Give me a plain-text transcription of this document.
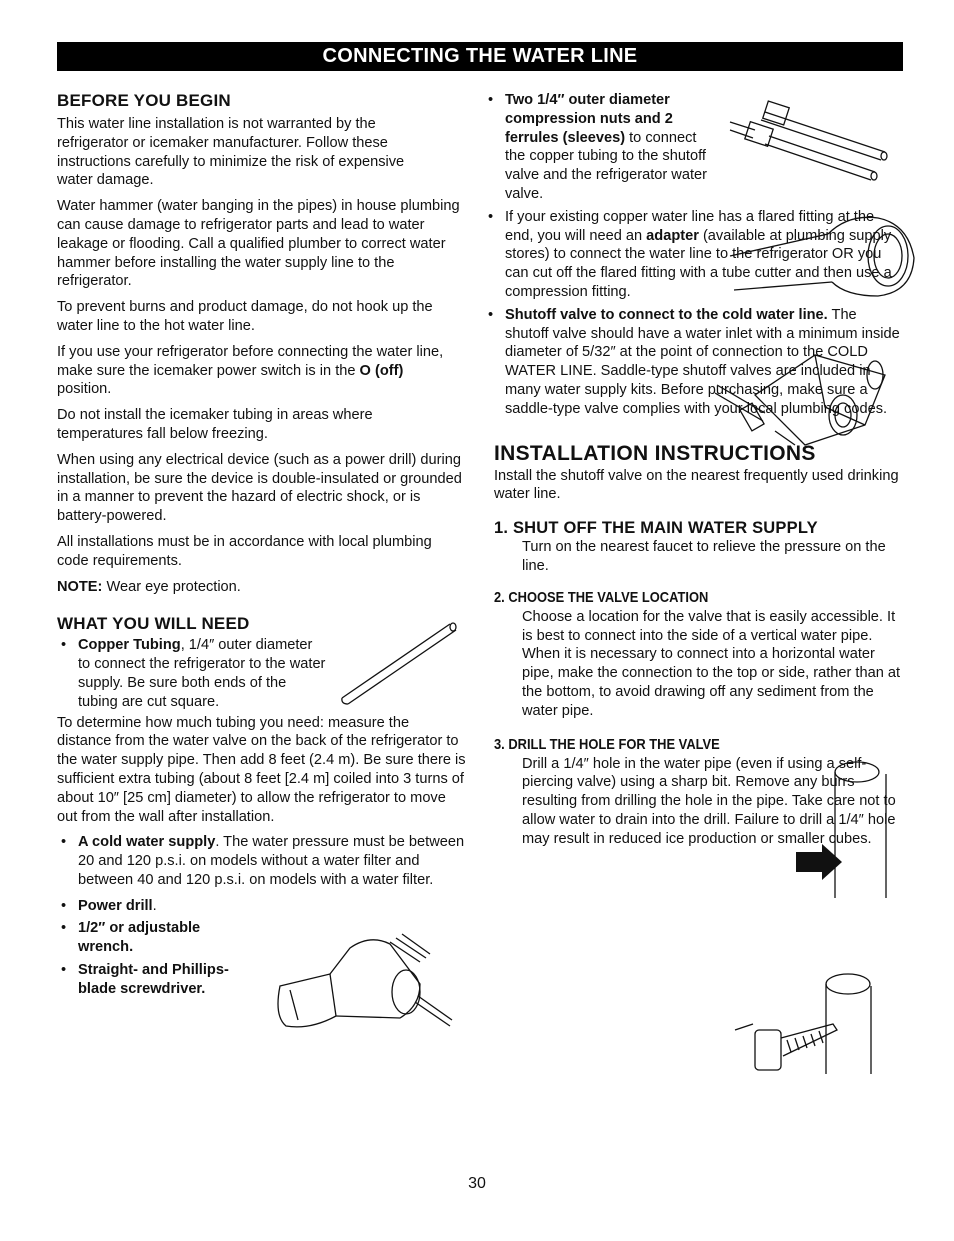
CONNECTING THE WATER LINE
BEFORE YOU BEGIN

This water line installation is not warranted by the refrigerator or icemaker manufacturer. Follow these instructions carefully to minimize the risk of expensive water damage.

Water hammer (water banging in the pipes) in house plumbing can cause damage to refrigerator parts and lead to water leakage or flooding. Call a qualified plumber to correct water hammer before installing the water supply line to the refrigerator.

To prevent burns and product damage, do not hook up the water line to the hot water line.

If you use your refrigerator before connecting the water line, make sure the icemaker power switch is in the O (off) position.

Do not install the icemaker tubing in areas where temperatures fall below freezing.

When using any electrical device (such as a power drill) during installation, be sure the device is double-insulated or grounded in a manner to prevent the hazard of electric shock, or is battery-powered.

All installations must be in accordance with local plumbing code requirements.

NOTE: Wear eye protection.

WHAT YOU WILL NEED
• Copper Tubing, 1/4″ outer diameter to connect the refrigerator to the water supply. Be sure both ends of the tubing are cut square.

To determine how much tubing you need: measure the distance from the water valve on the back of the refrigerator to the water supply pipe. Then add 8 feet (2.4 m). Be sure there is sufficient extra tubing (about 8 feet [2.4 m] coiled into 3 turns of about 10″ [25 cm] diameter) to allow the refrigerator to move out from the wall after installation.

• A cold water supply. The water pressure must be between 20 and 120 p.s.i. on models without a water filter and between 40 and 120 p.s.i. on models with a water filter.
• Power drill.
• 1/2″ or adjustable wrench.
• Straight- and Phillips-blade screwdriver.
• Two 1/4″ outer diameter compression nuts and 2 ferrules (sleeves) to connect the copper tubing to the shutoff valve and the refrigerator water valve.
• If your existing copper water line has a flared fitting at the end, you will need an adapter (available at plumbing supply stores) to connect the water line to the refrigerator OR you can cut off the flared fitting with a tube cutter and then use a compression fitting.
• Shutoff valve to connect to the cold water line. The shutoff valve should have a water inlet with a minimum inside diameter of 5/32″ at the point of connection to the COLD WATER LINE. Saddle-type shutoff valves are included in many water supply kits. Before purchasing, make sure a saddle-type valve complies with your local plumbing codes.
INSTALLATION INSTRUCTIONS

Install the shutoff valve on the nearest frequently used drinking water line.

1. SHUT OFF THE MAIN WATER SUPPLY

Turn on the nearest faucet to relieve the pressure on the line.

2. CHOOSE THE VALVE LOCATION

Choose a location for the valve that is easily accessible. It is best to connect into the side of a vertical water pipe. When it is necessary to connect into a horizontal water pipe, make the connection to the top or side, rather than at the bottom, to avoid drawing off any sediment from the water pipe.

3. DRILL THE HOLE FOR THE VALVE

Drill a 1/4″ hole in the water pipe (even if using a self-piercing valve) using a sharp bit. Remove any burrs resulting from drilling the hole in the pipe. Take care not to allow water to drain into the drill. Failure to drill a 1/4″ hole may result in reduced ice production or smaller cubes.

30
